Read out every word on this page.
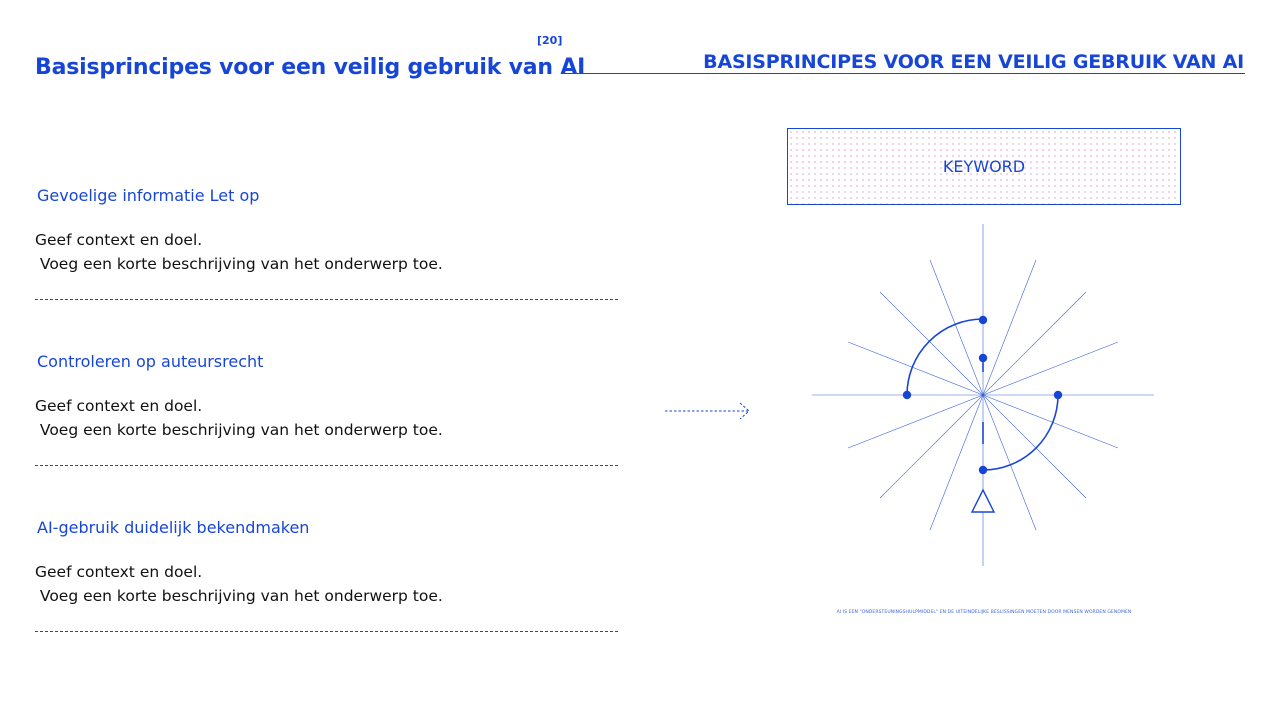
[20]
Basisprincipes voor een veilig gebruik van AI	BASISPRINCIPES VOOR EEN VEILIG GEBRUIK VAN AI
Gevoelige informatie Let op
Geef context en doel.
Voeg een korte beschrijving van het onderwerp toe.
Controleren op auteursrecht
Geef context en doel.
Voeg een korte beschrijving van het onderwerp toe.
AI-gebruik duidelijk bekendmaken
Geef context en doel.
Voeg een korte beschrijving van het onderwerp toe.
KEYWORD
AI IS EEN "ONDERSTEUNINGSHULPMIDDEL" EN DE UITEINDELIJKE BESLISSINGEN MOETEN DOOR MENSEN WORDEN GENOMEN
